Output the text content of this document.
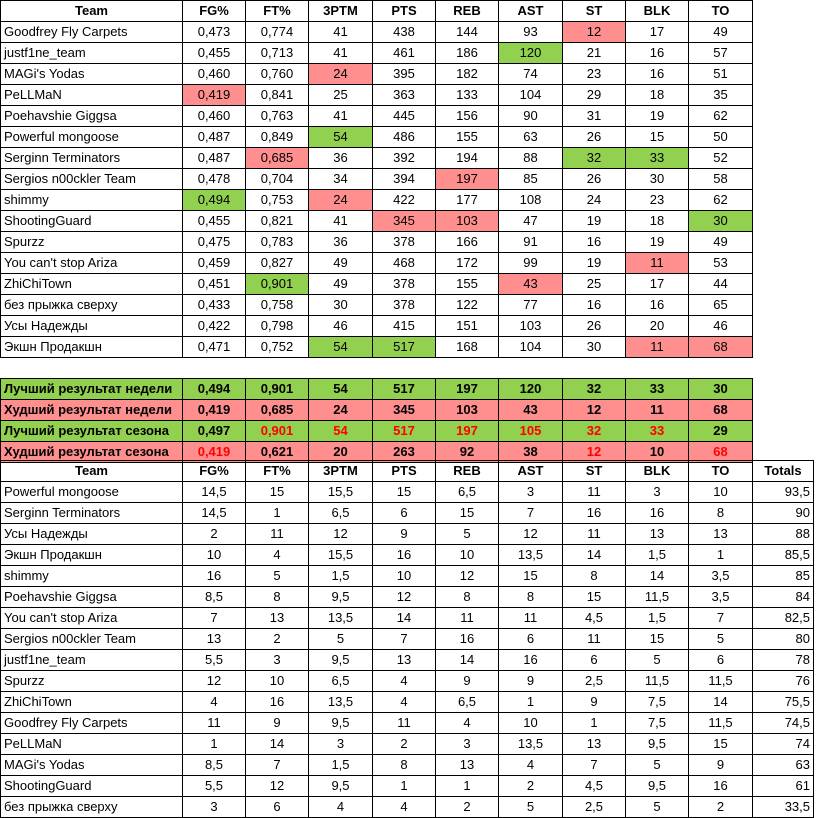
Team	FG%	FT%	3PTM	PTS	REB	AST	ST	BLK	TO
Goodfrey Fly Carpets	0,473	0,774	41	438	144	93	12	17	49
justf1ne_team	0,455	0,713	41	461	186	120	21	16	57
MAGi's Yodas	0,460	0,760	24	395	182	74	23	16	51
PeLLMaN	0,419	0,841	25	363	133	104	29	18	35
Poehavshie Giggsa	0,460	0,763	41	445	156	90	31	19	62
Powerful mongoose	0,487	0,849	54	486	155	63	26	15	50
Serginn Terminators	0,487	0,685	36	392	194	88	32	33	52
Sergios n00ckler Team	0,478	0,704	34	394	197	85	26	30	58
shimmy	0,494	0,753	24	422	177	108	24	23	62
ShootingGuard	0,455	0,821	41	345	103	47	19	18	30
Spurzz	0,475	0,783	36	378	166	91	16	19	49
You can't stop Ariza	0,459	0,827	49	468	172	99	19	11	53
ZhiChiTown	0,451	0,901	49	378	155	43	25	17	44
без прыжка сверху	0,433	0,758	30	378	122	77	16	16	65
Усы Надежды	0,422	0,798	46	415	151	103	26	20	46
Экшн Продакшн	0,471	0,752	54	517	168	104	30	11	68

Лучший результат недели	0,494	0,901	54	517	197	120	32	33	30
Худший результат недели	0,419	0,685	24	345	103	43	12	11	68
Лучший результат сезона	0,497	0,901	54	517	197	105	32	33	29
Худший результат сезона	0,419	0,621	20	263	92	38	12	10	68
Team	FG%	FT%	3PTM	PTS	REB	AST	ST	BLK	TO	Totals
Powerful mongoose	14,5	15	15,5	15	6,5	3	11	3	10	93,5
Serginn Terminators	14,5	1	6,5	6	15	7	16	16	8	90
Усы Надежды	2	11	12	9	5	12	11	13	13	88
Экшн Продакшн	10	4	15,5	16	10	13,5	14	1,5	1	85,5
shimmy	16	5	1,5	10	12	15	8	14	3,5	85
Poehavshie Giggsa	8,5	8	9,5	12	8	8	15	11,5	3,5	84
You can't stop Ariza	7	13	13,5	14	11	11	4,5	1,5	7	82,5
Sergios n00ckler Team	13	2	5	7	16	6	11	15	5	80
justf1ne_team	5,5	3	9,5	13	14	16	6	5	6	78
Spurzz	12	10	6,5	4	9	9	2,5	11,5	11,5	76
ZhiChiTown	4	16	13,5	4	6,5	1	9	7,5	14	75,5
Goodfrey Fly Carpets	11	9	9,5	11	4	10	1	7,5	11,5	74,5
PeLLMaN	1	14	3	2	3	13,5	13	9,5	15	74
MAGi's Yodas	8,5	7	1,5	8	13	4	7	5	9	63
ShootingGuard	5,5	12	9,5	1	1	2	4,5	9,5	16	61
без прыжка сверху	3	6	4	4	2	5	2,5	5	2	33,5
